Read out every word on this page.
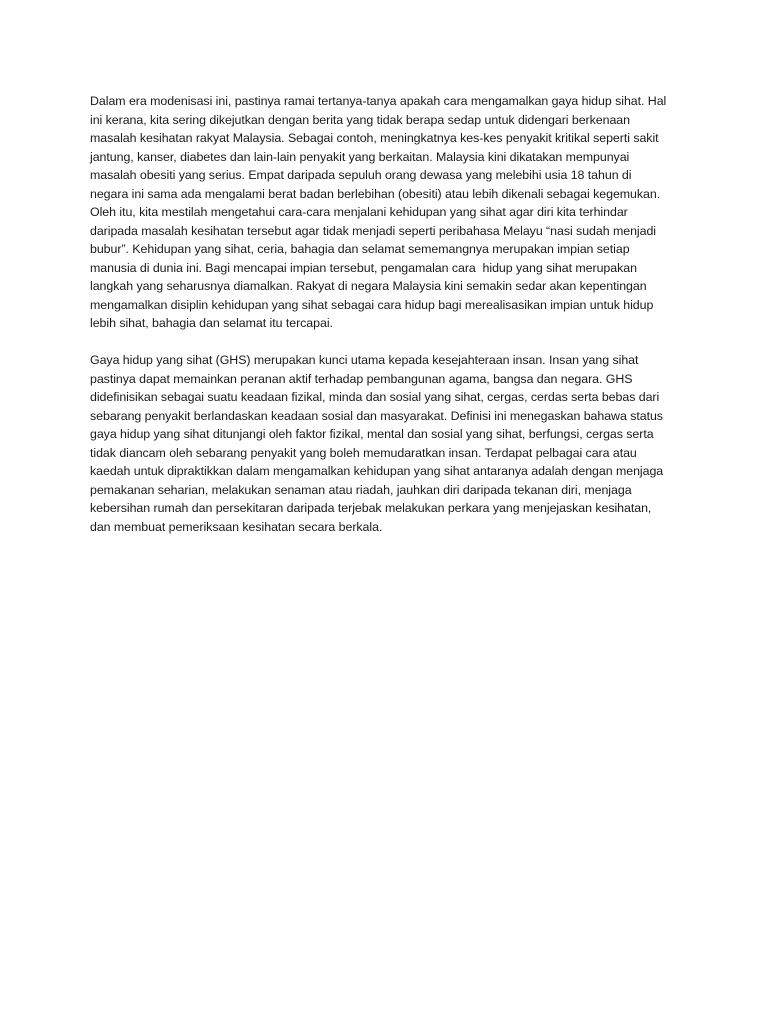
Dalam era modenisasi ini, pastinya ramai tertanya-tanya apakah cara mengamalkan gaya hidup sihat. Hal
ini kerana, kita sering dikejutkan dengan berita yang tidak berapa sedap untuk didengari berkenaan
masalah kesihatan rakyat Malaysia. Sebagai contoh, meningkatnya kes-kes penyakit kritikal seperti sakit
jantung, kanser, diabetes dan lain-lain penyakit yang berkaitan. Malaysia kini dikatakan mempunyai
masalah obesiti yang serius. Empat daripada sepuluh orang dewasa yang melebihi usia 18 tahun di
negara ini sama ada mengalami berat badan berlebihan (obesiti) atau lebih dikenali sebagai kegemukan.
Oleh itu, kita mestilah mengetahui cara-cara menjalani kehidupan yang sihat agar diri kita terhindar
daripada masalah kesihatan tersebut agar tidak menjadi seperti peribahasa Melayu “nasi sudah menjadi
bubur”. Kehidupan yang sihat, ceria, bahagia dan selamat sememangnya merupakan impian setiap
manusia di dunia ini. Bagi mencapai impian tersebut, pengamalan cara  hidup yang sihat merupakan
langkah yang seharusnya diamalkan. Rakyat di negara Malaysia kini semakin sedar akan kepentingan
mengamalkan disiplin kehidupan yang sihat sebagai cara hidup bagi merealisasikan impian untuk hidup
lebih sihat, bahagia dan selamat itu tercapai.
Gaya hidup yang sihat (GHS) merupakan kunci utama kepada kesejahteraan insan. Insan yang sihat
pastinya dapat memainkan peranan aktif terhadap pembangunan agama, bangsa dan negara. GHS
didefinisikan sebagai suatu keadaan fizikal, minda dan sosial yang sihat, cergas, cerdas serta bebas dari
sebarang penyakit berlandaskan keadaan sosial dan masyarakat. Definisi ini menegaskan bahawa status
gaya hidup yang sihat ditunjangi oleh faktor fizikal, mental dan sosial yang sihat, berfungsi, cergas serta
tidak diancam oleh sebarang penyakit yang boleh memudaratkan insan. Terdapat pelbagai cara atau
kaedah untuk dipraktikkan dalam mengamalkan kehidupan yang sihat antaranya adalah dengan menjaga
pemakanan seharian, melakukan senaman atau riadah, jauhkan diri daripada tekanan diri, menjaga
kebersihan rumah dan persekitaran daripada terjebak melakukan perkara yang menjejaskan kesihatan,
dan membuat pemeriksaan kesihatan secara berkala.
